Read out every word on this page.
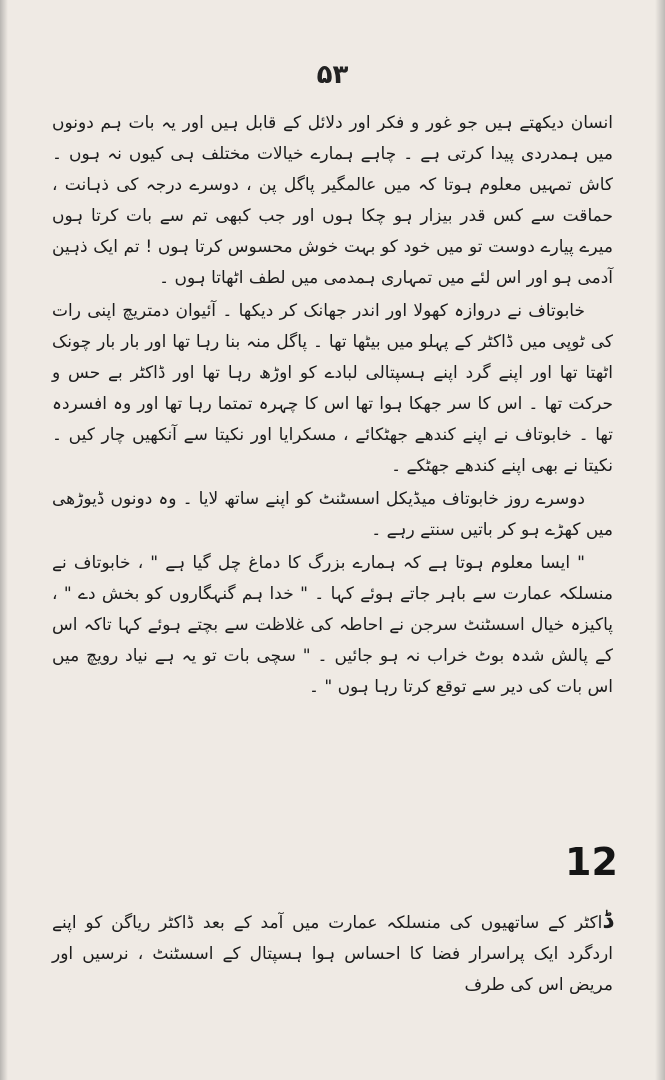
۵۳

انسان دیکھتے ہیں جو غور و فکر اور دلائل کے قابل ہیں اور یہ بات ہم دونوں میں ہمدردی پیدا کرتی ہے ۔ چاہے ہمارے خیالات مختلف ہی کیوں نہ ہوں ۔ کاش تمہیں معلوم ہوتا کہ میں عالمگیر پاگل پن ، دوسرے درجہ کی ذہانت ، حماقت سے کس قدر بیزار ہو چکا ہوں اور جب کبھی تم سے بات کرتا ہوں میرے پیارے دوست تو میں خود کو بہت خوش محسوس کرتا ہوں ! تم ایک ذہین آدمی ہو اور اس لئے میں تمہاری ہمدمی میں لطف اٹھاتا ہوں ۔

خابوتاف نے دروازہ کھولا اور اندر جھانک کر دیکھا ۔ آئیوان دمتریچ اپنی رات کی ٹوپی میں ڈاکٹر کے پہلو میں بیٹھا تھا ۔ پاگل منہ بنا رہا تھا اور بار بار چونک اٹھتا تھا اور اپنے گرد اپنے ہسپتالی لبادے کو اوڑھ رہا تھا اور ڈاکٹر بے حس و حرکت تھا ۔ اس کا سر جھکا ہوا تھا اس کا چہرہ تمتما رہا تھا اور وہ افسردہ تھا ۔ خابوتاف نے اپنے کندھے جھٹکائے ، مسکرایا اور نکیتا سے آنکھیں چار کیں ۔ نکیتا نے بھی اپنے کندھے جھٹکے ۔

دوسرے روز خابوتاف میڈیکل اسسٹنٹ کو اپنے ساتھ لایا ۔ وہ دونوں ڈیوڑھی میں کھڑے ہو کر باتیں سنتے رہے ۔

" ایسا معلوم ہوتا ہے کہ ہمارے بزرگ کا دماغ چل گیا ہے " ، خابوتاف نے منسلکہ عمارت سے باہر جاتے ہوئے کہا ۔ " خدا ہم گنہگاروں کو بخش دے " ، پاکیزہ خیال اسسٹنٹ سرجن نے احاطہ کی غلاظت سے بچتے ہوئے کہا تاکہ اس کے پالش شدہ بوٹ خراب نہ ہو جائیں ۔ " سچی بات تو یہ ہے نیاد رویچ میں اس بات کی دیر سے توقع کرتا رہا ہوں " ۔

12

ڈاکٹر کے ساتھیوں کی منسلکہ عمارت میں آمد کے بعد ڈاکٹر ریاگن کو اپنے اردگرد ایک پراسرار فضا کا احساس ہوا ہسپتال کے اسسٹنٹ ، نرسیں اور مریض اس کی طرف
